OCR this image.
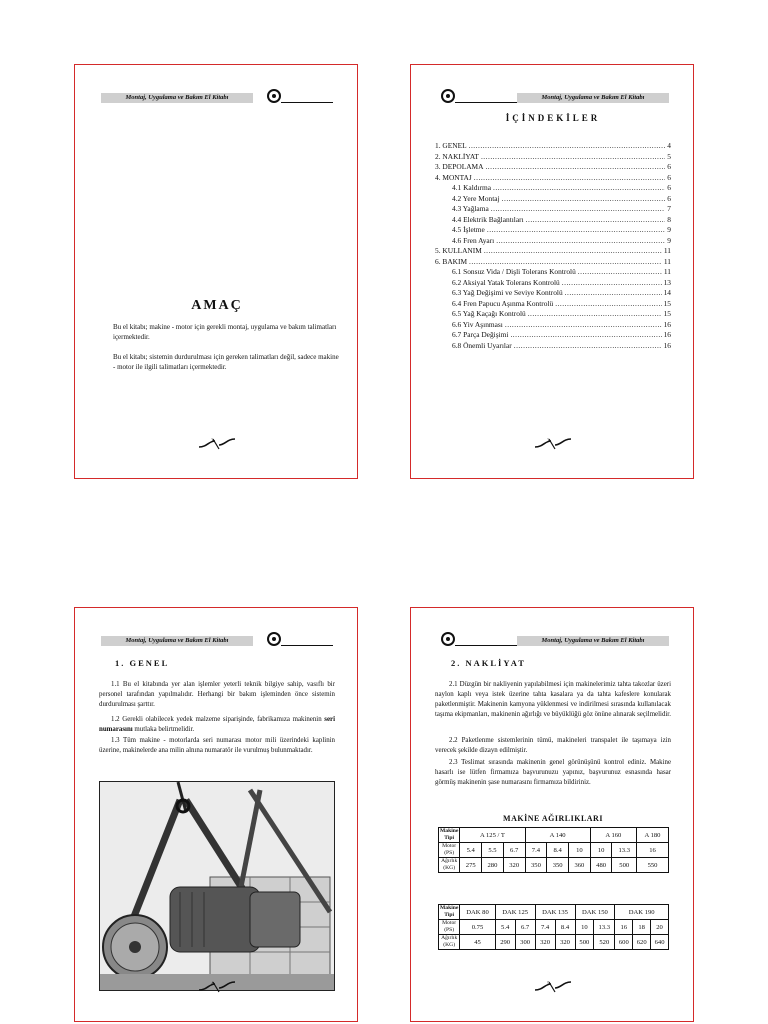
Montaj, Uygulama ve Bakım El Kitabı
AMAÇ
Bu el kitabı; makine - motor için gerekli montaj, uygulama ve bakım talimatları içermektedir.
Bu el kitabı; sistemin durdurulması için gereken talimatları değil, sadece makine - motor ile ilgili talimatları içermektedir.
2
Montaj, Uygulama ve Bakım El Kitabı
İÇİNDEKİLER
1. GENEL .....	4
2. NAKLİYAT .....	5
3. DEPOLAMA .....	6
4. MONTAJ .....	6
4.1 Kaldırma .....	6
4.2 Yere Montaj .....	6
4.3 Yağlama .....	7
4.4 Elektrik Bağlantıları .....	8
4.5 İşletme .....	9
4.6 Fren Ayarı .....	9
5. KULLANIM .....	11
6. BAKIM .....	11
6.1 Sonsuz Vida / Dişli Tolerans Kontrolü .....	11
6.2 Aksiyal Yatak Tolerans Kontrolü .....	13
6.3 Yağ Değişimi ve Seviye Kontrolü .....	14
6.4 Fren Papucu Aşınma Kontrolü .....	15
6.5 Yağ Kaçağı Kontrolü .....	15
6.6 Yiv Aşınması .....	16
6.7 Parça Değişimi .....	16
6.8 Önemli Uyarılar .....	16
3
Montaj, Uygulama ve Bakım El Kitabı
1. GENEL
1.1 Bu el kitabında yer alan işlemler yeterli teknik bilgiye sahip, vasıflı bir personel tarafından yapılmalıdır. Herhangi bir bakım işleminden önce sistemin durdurulması şarttır.
1.2 Gerekli olabilecek yedek malzeme siparişinde, fabrikamıza makinenin seri numarasını mutlaka belirtmelidir.
1.3 Tüm makine - motorlarda seri numarası motor mili üzerindeki kaplinin üzerine, makinelerde ana milin alnına numaratör ile vurulmuş bulunmaktadır.
4
Montaj, Uygulama ve Bakım El Kitabı
2. NAKLİYAT
2.1 Düzgün bir nakliyenin yapılabilmesi için makinelerimiz tahta takozlar üzeri naylon kaplı veya istek üzerine tahta kasalara ya da tahta kafeslere konularak paketlenmiştir. Makinenin kamyona yüklenmesi ve indirilmesi sırasında kullanılacak taşıma ekipmanları, makinenin ağırlığı ve büyüklüğü göz önüne alınarak seçilmelidir.
2.2 Paketlenme sistemlerinin tümü, makineleri transpalet ile taşımaya izin verecek şekilde dizayn edilmiştir.
2.3 Teslimat sırasında makinenin genel görünüşünü kontrol ediniz. Makine hasarlı ise lütfen firmamıza başvurunuzu yapınız, başvurunuz esnasında hasar görmüş makinenin şase numarasını firmamıza bildiriniz.
MAKİNE AĞIRLIKLARI
Makine
Tipi	A 125 / T			A 140			A 160		A 180
Motor
(PS)	5.4	5.5	6.7	7.4	8.4	10	10	13.3	16
Ağırlık
(KG)	275	280	320	350	350	360	480	500	550
Makine
Tipi	DAK 80	DAK 125		DAK 135		DAK 150		DAK 190		
Motor
(PS)	0.75	5.4	6.7	7.4	8.4	10	13.3	16	18	20
Ağırlık
(KG)	45	290	300	320	320	500	520	600	620	640
5
